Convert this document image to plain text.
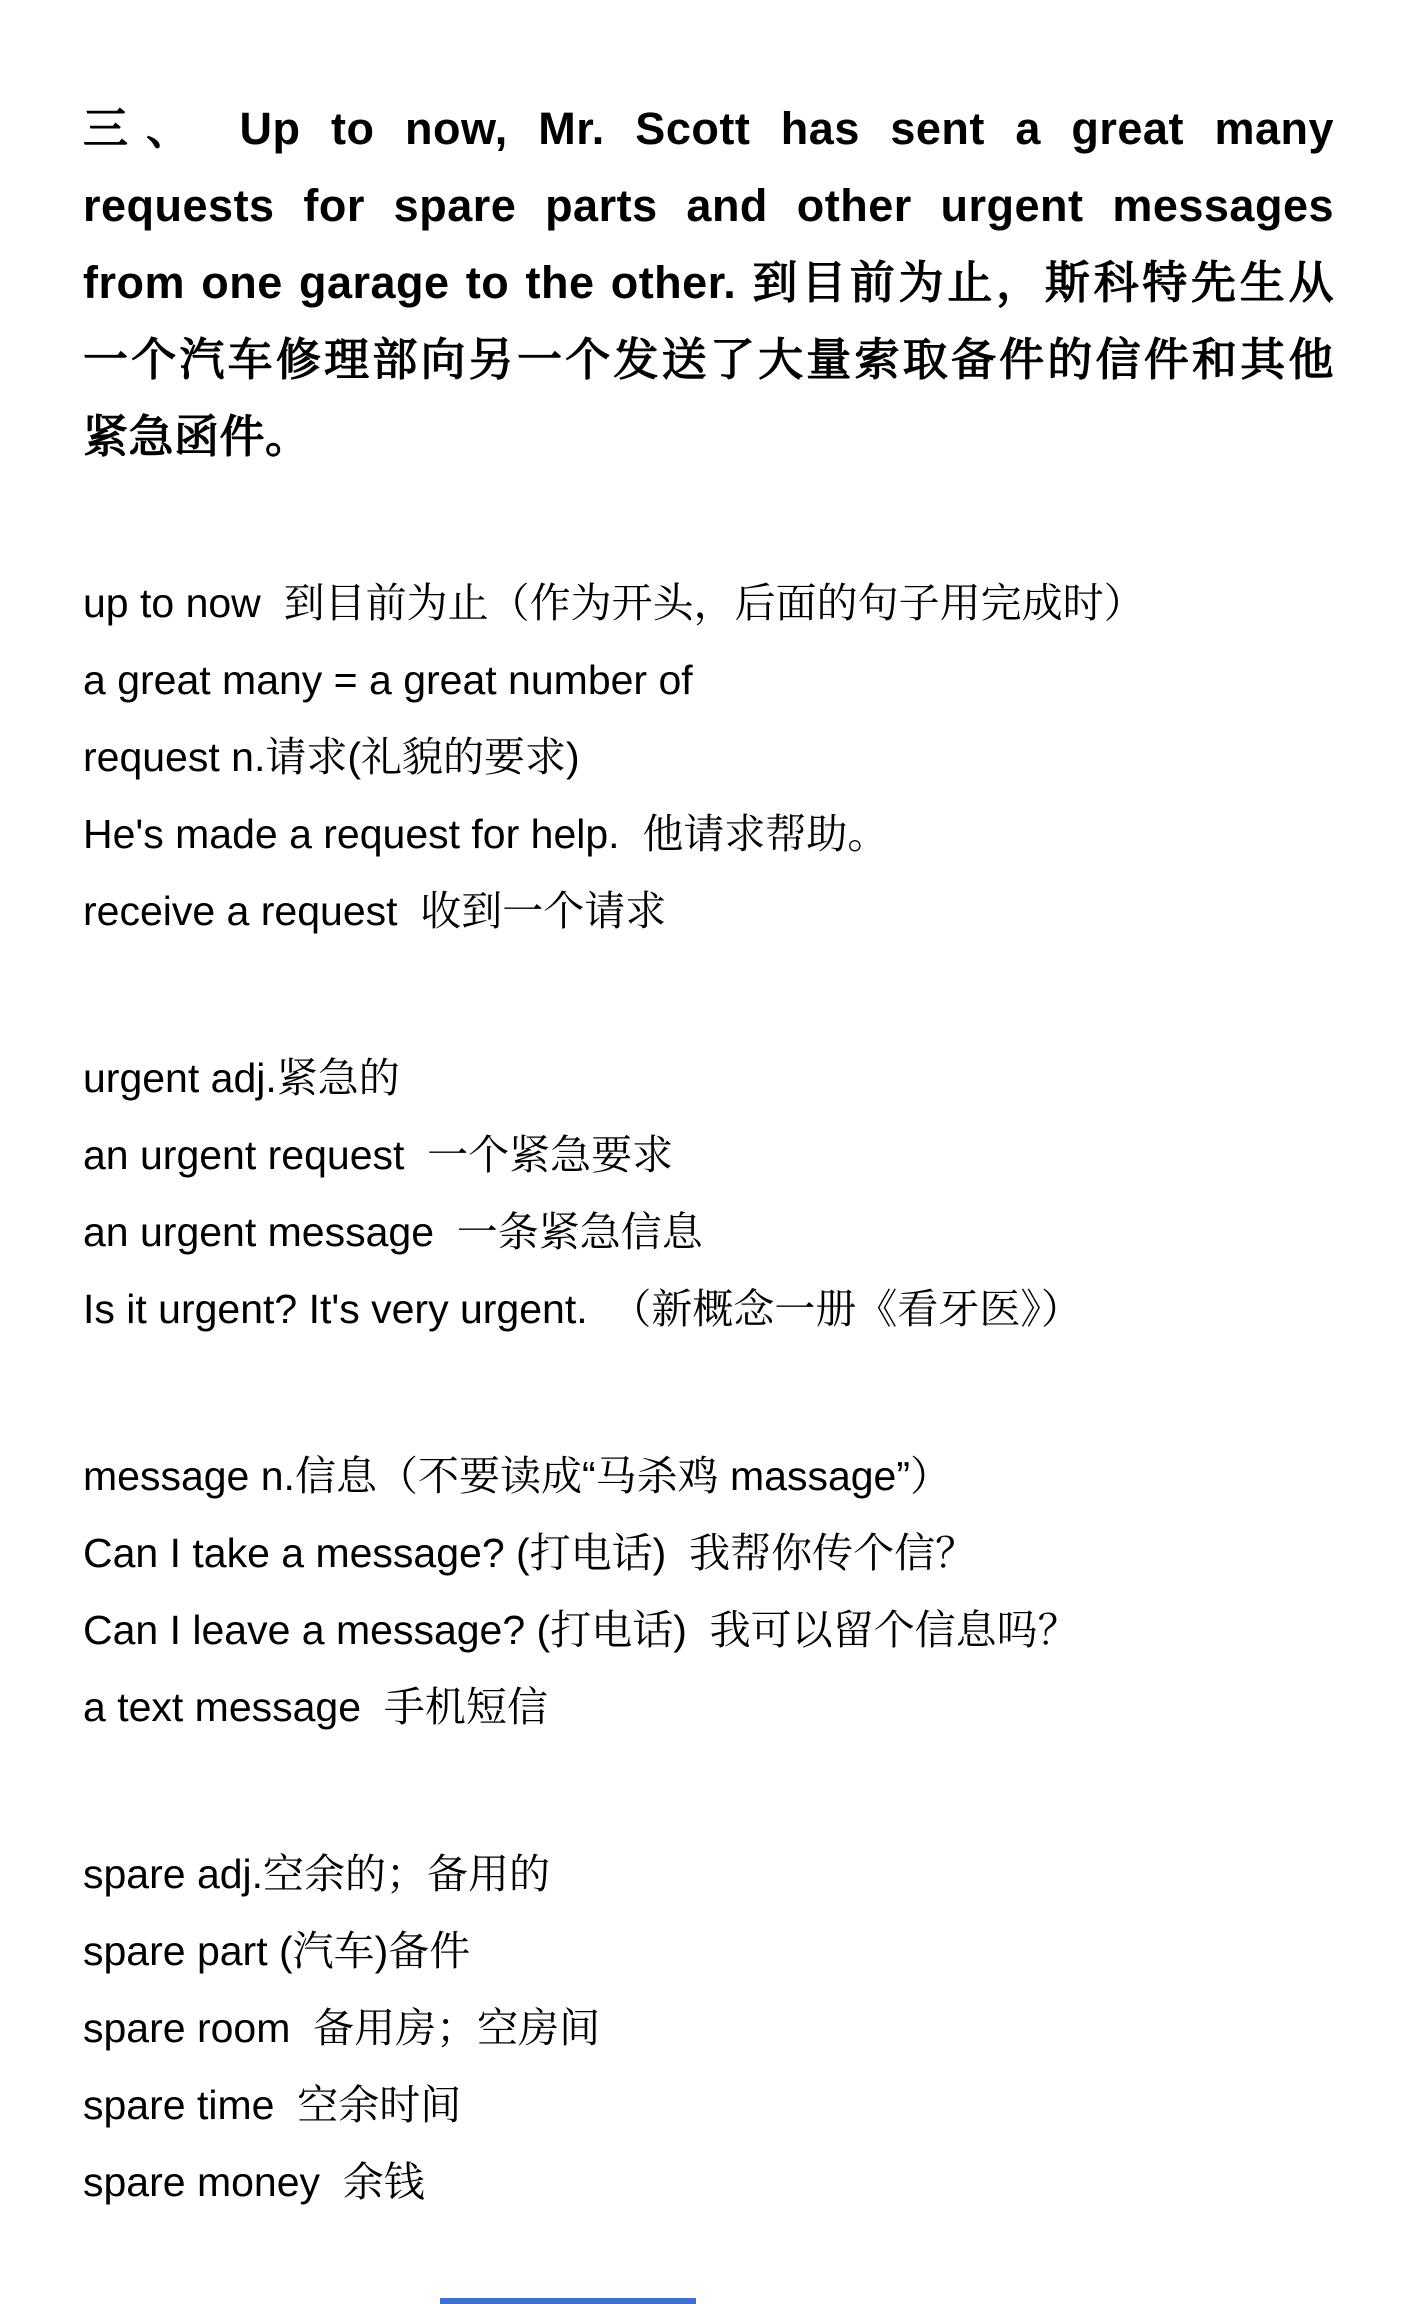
三、 Up to now, Mr. Scott has sent a great many
requests for spare parts and other urgent messages
from one garage to the other. 到目前为止，斯科特先生从
一个汽车修理部向另一个发送了大量索取备件的信件和其他
紧急函件。
up to now  到目前为止（作为开头，后面的句子用完成时）
a great many = a great number of
request n.请求(礼貌的要求)
He's made a request for help.  他请求帮助。
receive a request  收到一个请求
urgent adj.紧急的
an urgent request  一个紧急要求
an urgent message  一条紧急信息
Is it urgent? It's very urgent.  （新概念一册《看牙医》）
message n.信息（不要读成“马杀鸡 massage”）
Can I take a message? (打电话)  我帮你传个信？
Can I leave a message? (打电话)  我可以留个信息吗？
a text message  手机短信
spare adj.空余的；备用的
spare part (汽车)备件
spare room  备用房；空房间
spare time  空余时间
spare money  余钱
